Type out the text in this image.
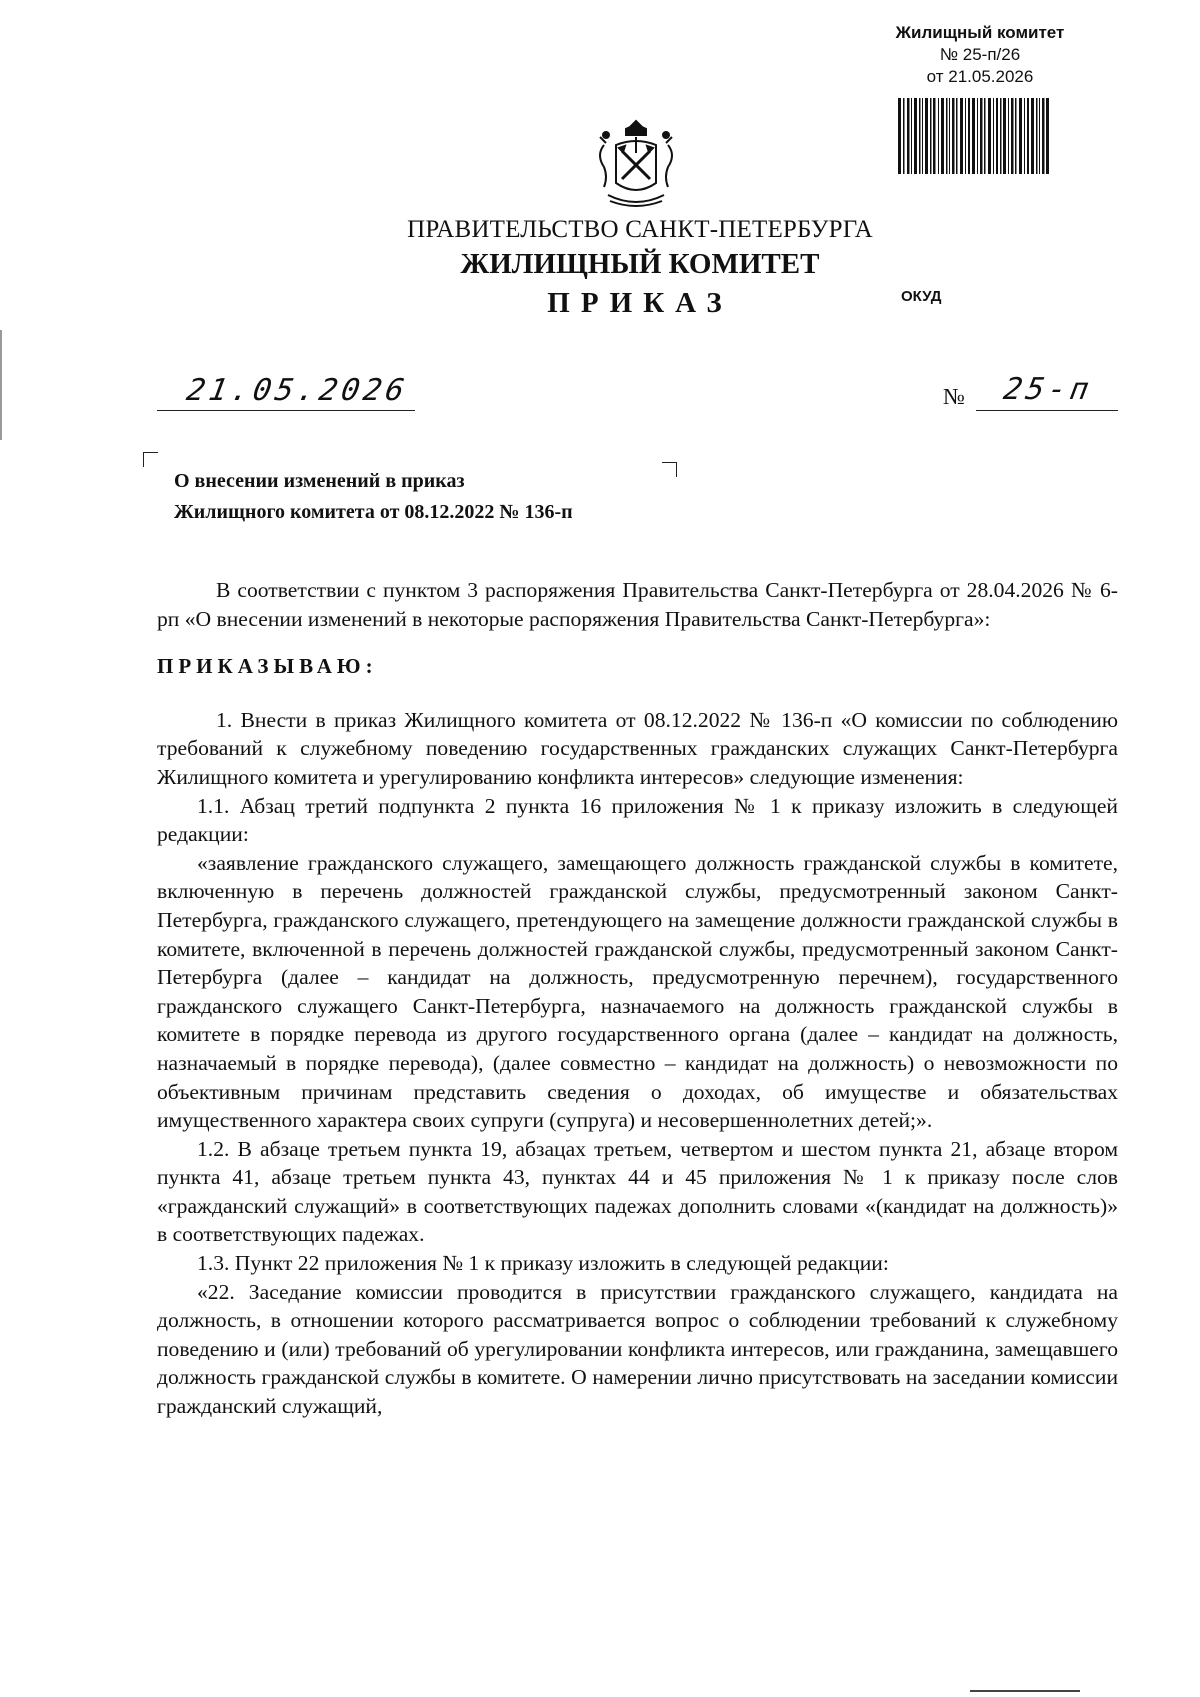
Жилищный комитет
№ 25-п/26
от 21.05.2026
ПРАВИТЕЛЬСТВО САНКТ-ПЕТЕРБУРГА
ЖИЛИЩНЫЙ КОМИТЕТ
ПРИКАЗ	ОКУД
21.05.2026	№ 25-п
О внесении изменений в приказ
Жилищного комитета от 08.12.2022 № 136-п

В соответствии с пунктом 3 распоряжения Правительства Санкт-Петербурга от 28.04.2026 № 6-рп «О внесении изменений в некоторые распоряжения Правительства Санкт-Петербурга»:

ПРИКАЗЫВАЮ:

1. Внести в приказ Жилищного комитета от 08.12.2022 № 136-п «О комиссии по соблюдению требований к служебному поведению государственных гражданских служащих Санкт-Петербурга Жилищного комитета и урегулированию конфликта интересов» следующие изменения:

1.1. Абзац третий подпункта 2 пункта 16 приложения № 1 к приказу изложить в следующей редакции:

«заявление гражданского служащего, замещающего должность гражданской службы в комитете, включенную в перечень должностей гражданской службы, предусмотренный законом Санкт-Петербурга, гражданского служащего, претендующего на замещение должности гражданской службы в комитете, включенной в перечень должностей гражданской службы, предусмотренный законом Санкт-Петербурга (далее – кандидат на должность, предусмотренную перечнем), государственного гражданского служащего Санкт-Петербурга, назначаемого на должность гражданской службы в комитете в порядке перевода из другого государственного органа (далее – кандидат на должность, назначаемый в порядке перевода), (далее совместно – кандидат на должность) о невозможности по объективным причинам представить сведения о доходах, об имуществе и обязательствах имущественного характера своих супруги (супруга) и несовершеннолетних детей;».

1.2. В абзаце третьем пункта 19, абзацах третьем, четвертом и шестом пункта 21, абзаце втором пункта 41, абзаце третьем пункта 43, пунктах 44 и 45 приложения № 1 к приказу после слов «гражданский служащий» в соответствующих падежах дополнить словами «(кандидат на должность)» в соответствующих падежах.

1.3. Пункт 22 приложения № 1 к приказу изложить в следующей редакции:

«22. Заседание комиссии проводится в присутствии гражданского служащего, кандидата на должность, в отношении которого рассматривается вопрос о соблюдении требований к служебному поведению и (или) требований об урегулировании конфликта интересов, или гражданина, замещавшего должность гражданской службы в комитете. О намерении лично присутствовать на заседании комиссии гражданский служащий,
